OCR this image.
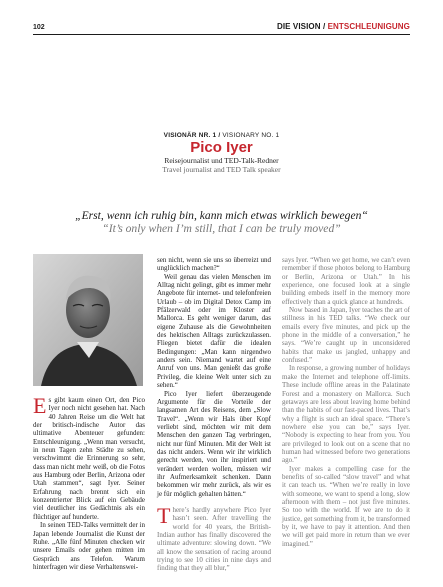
102	DIE VISION / ENTSCHLEUNIGUNG
VISIONÄR NR. 1 / VISIONARY NO. 1
Pico Iyer
Reisejournalist und TED-Talk-Redner
Travel journalist and TED Talk speaker
„Erst, wenn ich ruhig bin, kann mich etwas wirklich bewegen“
“It’s only when I’m still, that I can be truly moved”

Es gibt kaum einen Ort, den Pico Iyer noch nicht gesehen hat. Nach 40 Jahren Reise um die Welt hat der britisch-indische Autor das ultimative Abenteuer gefunden: Entschleunigung. „Wenn man versucht, in neun Tagen zehn Städte zu sehen, verschwimmt die Erinnerung so sehr, dass man nicht mehr weiß, ob die Fotos aus Hamburg oder Berlin, Arizona oder Utah stammen“, sagt Iyer. Seiner Erfahrung nach brennt sich ein konzentrierter Blick auf ein Gebäude viel deutlicher ins Gedächtnis als ein flüchtiger auf hunderte.

In seinen TED-Talks vermittelt der in Japan lebende Journalist die Kunst der Ruhe. „Alle fünf Minuten checken wir unsere Emails oder gehen mitten im Gespräch ans Telefon. Warum hinterfragen wir diese Verhaltenswei-

sen nicht, wenn sie uns so überreizt und unglücklich machen?“

Weil genau das vielen Menschen im Alltag nicht gelingt, gibt es immer mehr Angebote für internet- und telefonfreien Urlaub – ob im Digital Detox Camp im Pfälzerwald oder im Kloster auf Mallorca. Es geht weniger darum, das eigene Zuhause als die Gewohnheiten des hektischen Alltags zurückzulassen. Fliegen bietet dafür die idealen Bedingungen: „Man kann nirgendwo anders sein. Niemand wartet auf eine Anruf von uns. Man genießt das große Privileg, die kleine Welt unter sich zu sehen.“

Pico Iyer liefert überzeugende Argumente für die Vorteile der langsamen Art des Reisens, dem „Slow Travel“. „Wenn wir Hals über Kopf verliebt sind, möchten wir mit dem Menschen den ganzen Tag verbringen, nicht nur fünf Minuten. Mit der Welt ist das nicht anders. Wenn wir ihr wirklich gerecht werden, von ihr inspiriert und verändert werden wollen, müssen wir ihr Aufmerksamkeit schenken. Dann bekommen wir mehr zurück, als wir es je für möglich gehalten hätten.“

There’s hardly anywhere Pico Iyer hasn’t seen. After travelling the world for 40 years, the British-Indian author has finally discovered the ultimate adventure: slowing down. “We all know the sensation of racing around trying to see 10 cities in nine days and finding that they all blur,”

says Iyer. “When we get home, we can’t even remember if those photos belong to Hamburg or Berlin, Arizona or Utah.” In his experience, one focused look at a single building embeds itself in the memory more effectively than a quick glance at hundreds.

Now based in Japan, Iyer teaches the art of stillness in his TED talks. “We check our emails every five minutes, and pick up the phone in the middle of a conversation,” he says. “We’re caught up in unconsidered habits that make us jangled, unhappy and confused.”

In response, a growing number of holidays make the Internet and telephone off-limits. These include offline areas in the Palatinate Forest and a monastery on Mallorca. Such getaways are less about leaving home behind than the habits of our fast-paced lives. That’s why a flight is such an ideal space. “There’s nowhere else you can be,” says Iyer. “Nobody is expecting to hear from you. You are privileged to look out on a scene that no human had witnessed before two generations ago.”

Iyer makes a compelling case for the benefits of so-called “slow travel” and what it can teach us. “When we’re really in love with someone, we want to spend a long, slow afternoon with them – not just five minutes. So too with the world. If we are to do it justice, get something from it, be transformed by it, we have to pay it attention. And then we will get paid more in return than we ever imagined.”
